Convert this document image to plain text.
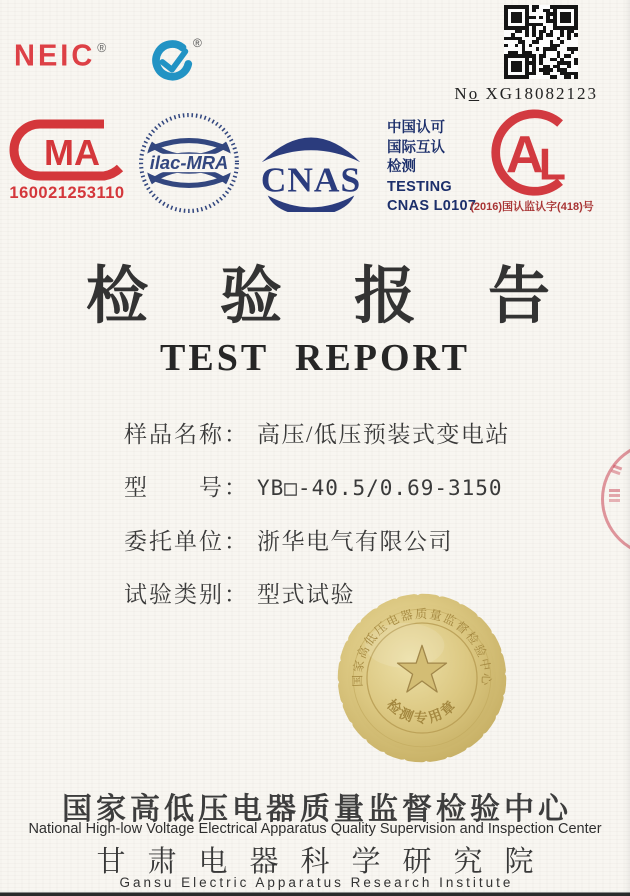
NEIC ®	®
No XG18082123
MA
160021253110
ilac-MRA CNAS
中国认可
国际互认
检测
TESTING
CNAS L0107
A
L
(2016)国认监认字(418)号
检验报告
TEST REPORT
样品名称： 高压/低压预装式变电站
型　　号： YB□-40.5/0.69-3150
委托单位： 浙华电气有限公司
试验类别： 型式试验
国家高低压电器质量监督检验中心
检测专用章
国家高低压电器质量监督检验中心
National High-low Voltage Electrical Apparatus Quality Supervision and Inspection Center
甘肃电器科学研究院
Gansu Electric Apparatus Research Institute
